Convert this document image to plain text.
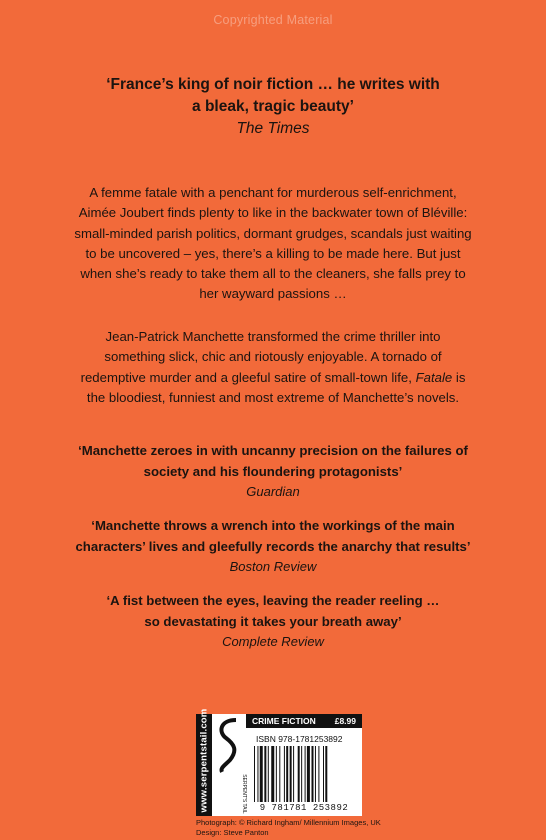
Copyrighted Material
‘France’s king of noir fiction … he writes with
a bleak, tragic beauty’
The Times
A femme fatale with a penchant for murderous self-enrichment,
Aimée Joubert finds plenty to like in the backwater town of Bléville:
small-minded parish politics, dormant grudges, scandals just waiting
to be uncovered – yes, there’s a killing to be made here. But just
when she’s ready to take them all to the cleaners, she falls prey to
her wayward passions …
Jean-Patrick Manchette transformed the crime thriller into
something slick, chic and riotously enjoyable. A tornado of
redemptive murder and a gleeful satire of small-town life, Fatale is
the bloodiest, funniest and most extreme of Manchette’s novels.
‘Manchette zeroes in with uncanny precision on the failures of
society and his floundering protagonists’
Guardian
‘Manchette throws a wrench into the workings of the main
characters’ lives and gleefully records the anarchy that results’
Boston Review
‘A fist between the eyes, leaving the reader reeling …
so devastating it takes your breath away’
Complete Review
www.serpentstail.com	SERPENT'S TAIL
CRIME FICTION £8.99
ISBN 978-1781253892
9 781781 253892
Photograph: © Richard Ingham/ Millennium Images, UK
Design: Steve Panton
